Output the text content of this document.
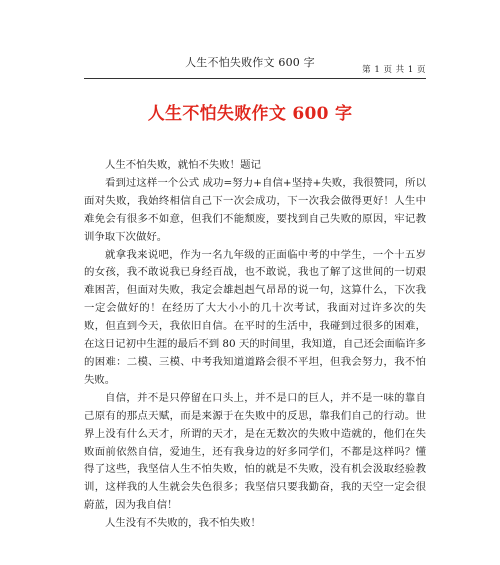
人生不怕失败作文 600 字
第 1 页 共 1 页
人生不怕失败作文 600 字

人生不怕失败，就怕不失败！题记

看到过这样一个公式 成功=努力+自信+坚持+失败，我很赞同，所以面对失败，我始终相信自己下一次会成功，下一次我会做得更好！人生中难免会有很多不如意，但我们不能颓废，要找到自己失败的原因，牢记教训争取下次做好。

就拿我来说吧，作为一名九年级的正面临中考的中学生，一个十五岁的女孩，我不敢说我已身经百战，也不敢说，我也了解了这世间的一切艰难困苦，但面对失败，我定会雄赳赳气昂昂的说一句，这算什么，下次我一定会做好的！在经历了大大小小的几十次考试，我面对过许多次的失败，但直到今天，我依旧自信。在平时的生活中，我碰到过很多的困难，在这日记初中生涯的最后不到 80 天的时间里，我知道，自己还会面临许多的困难：二模、三模、中考我知道道路会很不平坦，但我会努力，我不怕失败。

自信，并不是只停留在口头上，并不是口的巨人，并不是一味的靠自己原有的那点天赋，而是来源于在失败中的反思，靠我们自己的行动。世界上没有什么天才，所谓的天才，是在无数次的失败中造就的，他们在失败面前依然自信，爱迪生，还有我身边的好多同学们，不都是这样吗？懂得了这些，我坚信人生不怕失败，怕的就是不失败，没有机会汲取经验教训，这样我的人生就会失色很多；我坚信只要我勤奋，我的天空一定会很蔚蓝，因为我自信！

人生没有不失败的，我不怕失败！
